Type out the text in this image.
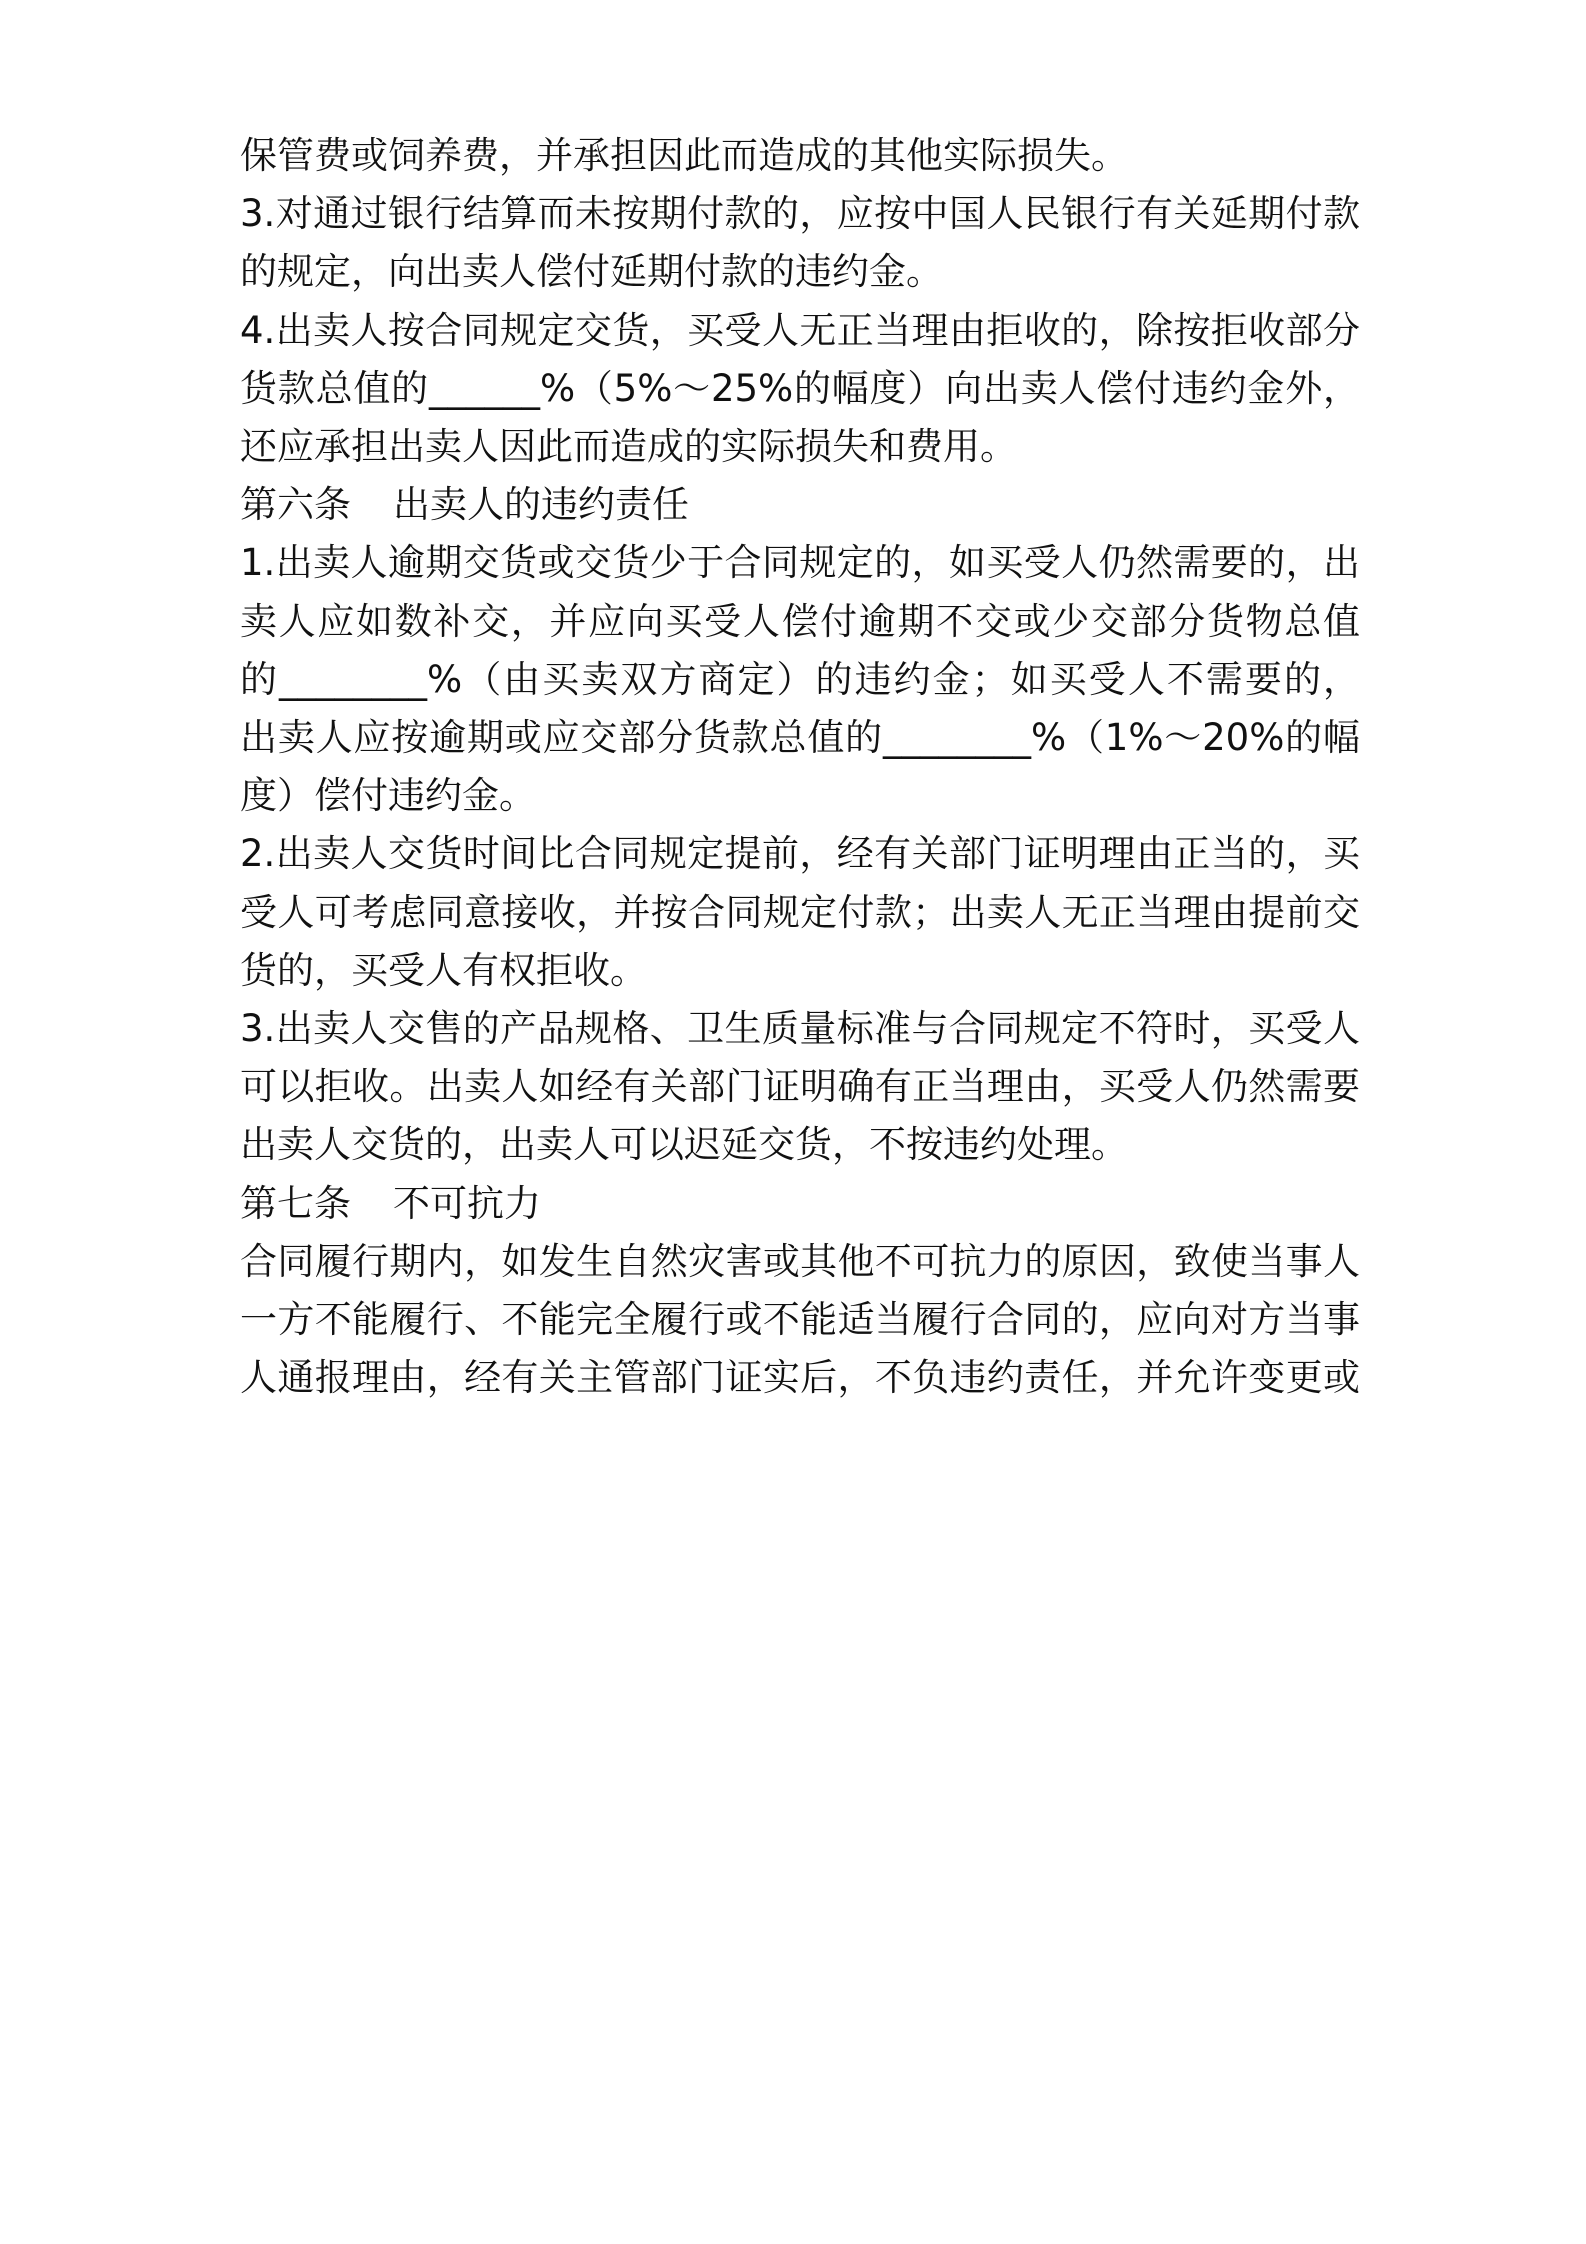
保管费或饲养费，并承担因此而造成的其他实际损失。
3.对通过银行结算而未按期付款的，应按中国人民银行有关延期付款
的规定，向出卖人偿付延期付款的违约金。
4.出卖人按合同规定交货，买受人无正当理由拒收的，除按拒收部分
货款总值的______%（5%～25%的幅度）向出卖人偿付违约金外，
还应承担出卖人因此而造成的实际损失和费用。
第六条 出卖人的违约责任
1.出卖人逾期交货或交货少于合同规定的，如买受人仍然需要的，出
卖人应如数补交，并应向买受人偿付逾期不交或少交部分货物总值
的________%（由买卖双方商定）的违约金；如买受人不需要的，
出卖人应按逾期或应交部分货款总值的________%（1%～20%的幅
度）偿付违约金。
2.出卖人交货时间比合同规定提前，经有关部门证明理由正当的，买
受人可考虑同意接收，并按合同规定付款；出卖人无正当理由提前交
货的，买受人有权拒收。
3.出卖人交售的产品规格、卫生质量标准与合同规定不符时，买受人
可以拒收。出卖人如经有关部门证明确有正当理由，买受人仍然需要
出卖人交货的，出卖人可以迟延交货，不按违约处理。
第七条 不可抗力
合同履行期内，如发生自然灾害或其他不可抗力的原因，致使当事人
一方不能履行、不能完全履行或不能适当履行合同的，应向对方当事
人通报理由，经有关主管部门证实后，不负违约责任，并允许变更或
